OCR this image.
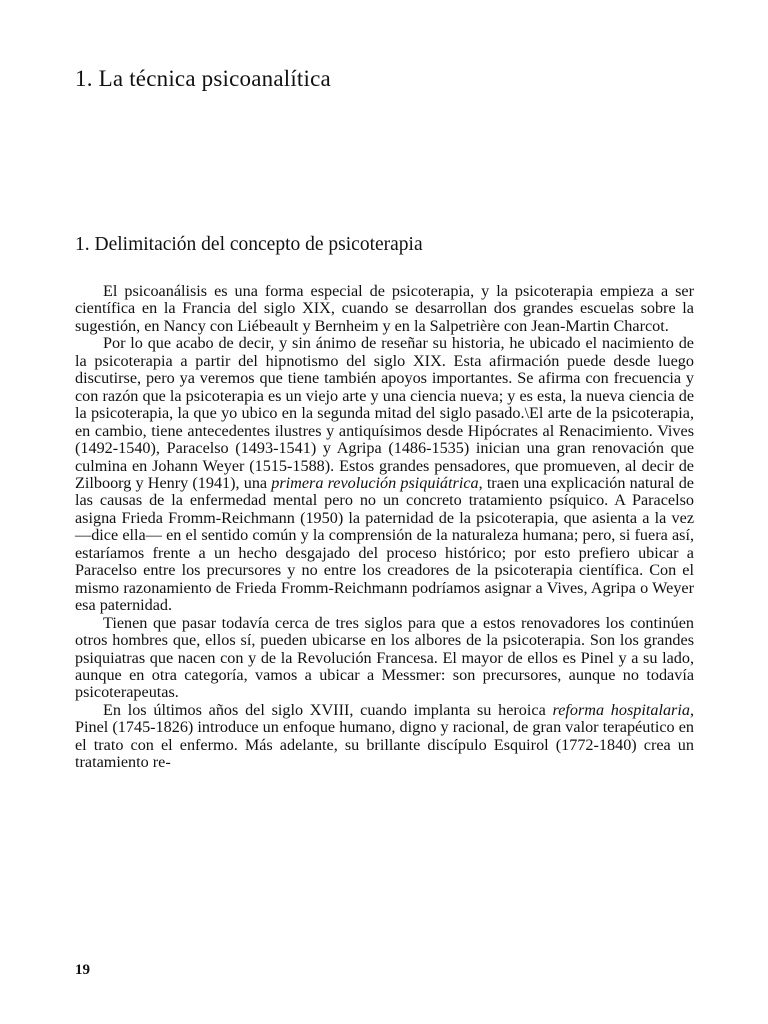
1. La técnica psicoanalítica
1. Delimitación del concepto de psicoterapia

El psicoanálisis es una forma especial de psicoterapia, y la psicoterapia empieza a ser científica en la Francia del siglo XIX, cuando se desarrollan dos grandes escuelas sobre la sugestión, en Nancy con Liébeault y Bernheim y en la Salpetrière con Jean-Martin Charcot.

Por lo que acabo de decir, y sin ánimo de reseñar su historia, he ubicado el nacimiento de la psicoterapia a partir del hipnotismo del siglo XIX. Esta afirmación puede desde luego discutirse, pero ya veremos que tiene también apoyos importantes. Se afirma con frecuencia y con razón que la psicoterapia es un viejo arte y una ciencia nueva; y es esta, la nueva ciencia de la psicoterapia, la que yo ubico en la segunda mitad del siglo pasado.\El arte de la psicoterapia, en cambio, tiene antecedentes ilustres y antiquísimos desde Hipócrates al Renacimiento. Vives (1492-1540), Paracelso (1493-1541) y Agripa (1486-1535) inician una gran renovación que culmina en Johann Weyer (1515-1588). Estos grandes pensadores, que promueven, al decir de Zilboorg y Henry (1941), una primera revolución psiquiátrica, traen una explicación natural de las causas de la enfermedad mental pero no un concreto tratamiento psíquico. A Paracelso asigna Frieda Fromm-Reichmann (1950) la paternidad de la psicoterapia, que asienta a la vez —dice ella— en el sentido común y la comprensión de la naturaleza humana; pero, si fuera así, estaríamos frente a un hecho desgajado del proceso histórico; por esto prefiero ubicar a Paracelso entre los precursores y no entre los creadores de la psicoterapia científica. Con el mismo razonamiento de Frieda Fromm-Reichmann podríamos asignar a Vives, Agripa o Weyer esa paternidad.

Tienen que pasar todavía cerca de tres siglos para que a estos renovadores los continúen otros hombres que, ellos sí, pueden ubicarse en los albores de la psicoterapia. Son los grandes psiquiatras que nacen con y de la Revolución Francesa. El mayor de ellos es Pinel y a su lado, aunque en otra categoría, vamos a ubicar a Messmer: son precursores, aunque no todavía psicoterapeutas.

En los últimos años del siglo XVIII, cuando implanta su heroica reforma hospitalaria, Pinel (1745-1826) introduce un enfoque humano, digno y racional, de gran valor terapéutico en el trato con el enfermo. Más adelante, su brillante discípulo Esquirol (1772-1840) crea un tratamiento re-

19
